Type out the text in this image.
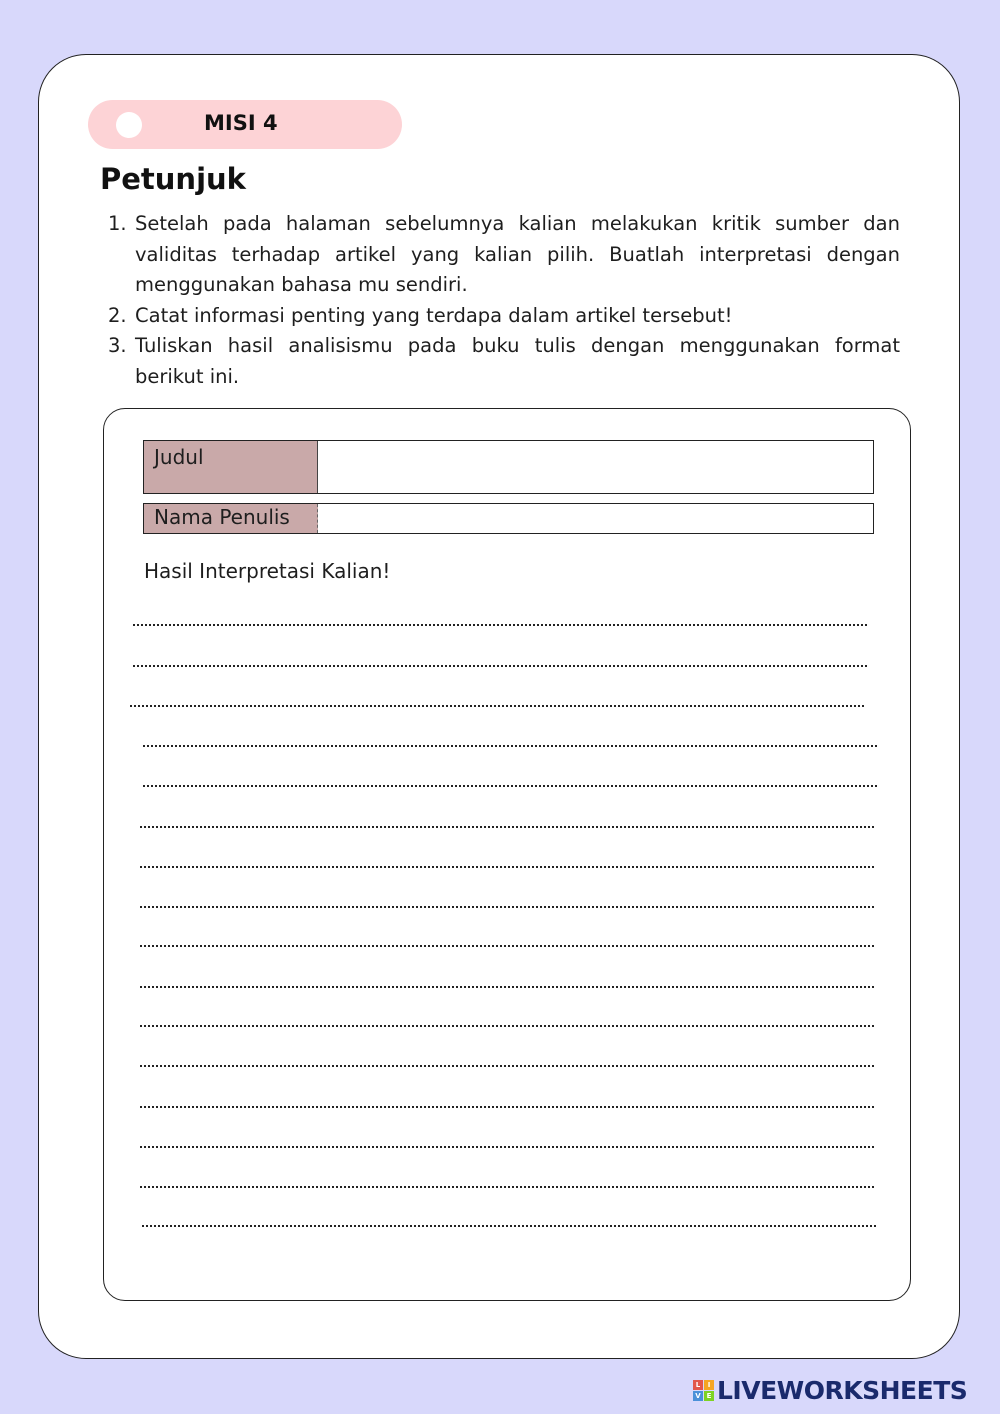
MISI 4
Petunjuk
1. Setelah pada halaman sebelumnya kalian melakukan kritik sumber dan validitas terhadap artikel yang kalian pilih. Buatlah interpretasi dengan menggunakan bahasa mu sendiri.
2. Catat informasi penting yang terdapa dalam artikel tersebut!
3. Tuliskan hasil analisismu pada buku tulis dengan menggunakan format berikut ini.
Judul
Nama Penulis
Hasil Interpretasi Kalian!
L	I
V E LIVEWORKSHEETS
